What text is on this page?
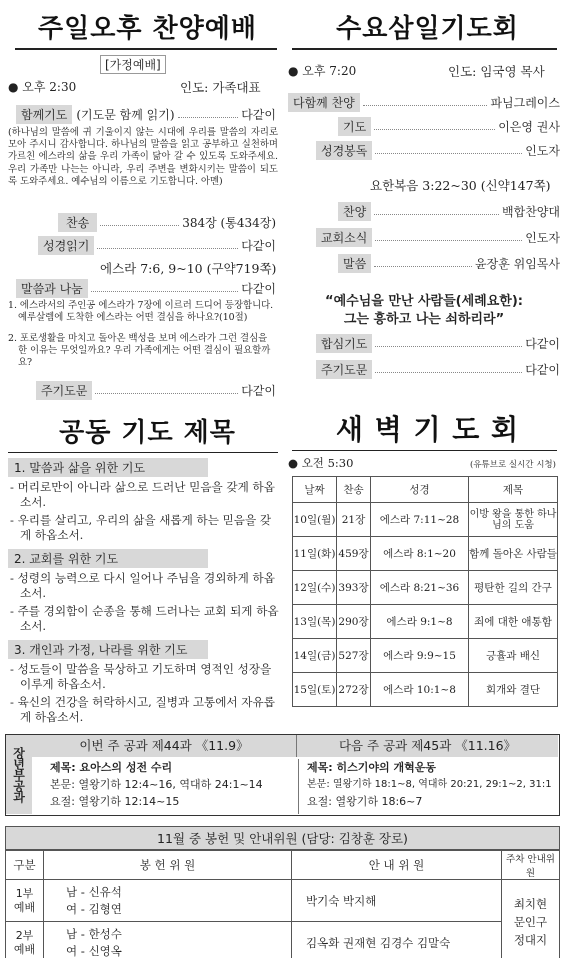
주일오후 찬양예배
[가정예배]
● 오후 2:30	인도: 가족대표
함께기도 (기도문 함께 읽기)	다같이
(하나님의 말씀에 귀 기울이지 않는 시대에 우리를 말씀의 자리로 모아 주시니 감사합니다. 하나님의 말씀을 읽고 공부하고 실천하며 가르친 에스라의 삶을 우리 가족이 닮아 갈 수 있도록 도와주세요. 우리 가족만 나는는 아니라, 우리 주변을 변화시키는 말씀이 되도록 도와주세요. 예수님의 이름으로 기도합니다. 아멘)
찬송	384장 (통434장)
성경읽기	다같이
에스라 7:6, 9~10 (구약719쪽)
말씀과 나눔	다같이
1. 에스라서의 주인공 에스라가 7장에 이르러 드디어 등장합니다. 예루살렘에 도착한 에스라는 어떤 결심을 하나요?(10절)
2. 포로생활을 마치고 돌아온 백성을 보며 에스라가 그런 결심을 한 이유는 무엇일까요? 우리 가족에게는 어떤 결심이 필요할까요?
주기도문	다같이
수요삼일기도회
● 오후 7:20	인도: 임국영 목사
다함께 찬양	파님그레이스
기도	이은영 권사
성경봉독	인도자
요한복음 3:22~30 (신약147쪽)
찬양	백합찬양대
교회소식	인도자
말씀	윤장훈 위임목사
“예수님을 만난 사람들(세례요한):
그는 흥하고 나는 쇠하리라”
합심기도	다같이
주기도문	다같이
공동 기도 제목
1. 말씀과 삶을 위한 기도
- 머리로만이 아니라 삶으로 드러난 믿음을 갖게 하옵소서.
- 우리를 살리고, 우리의 삶을 새롭게 하는 믿음을 갖게 하옵소서.
2. 교회를 위한 기도
- 성령의 능력으로 다시 일어나 주님을 경외하게 하옵소서.
- 주를 경외함이 순종을 통해 드러나는 교회 되게 하옵소서.
3. 개인과 가정, 나라를 위한 기도
- 성도들이 말씀을 묵상하고 기도하며 영적인 성장을 이루게 하옵소서.
- 육신의 건강을 허락하시고, 질병과 고통에서 자유롭게 하옵소서.
새 벽 기 도 회
● 오전 5:30	(유튜브로 실시간 시청)
날짜	찬송	성경	제목
10일(월)	21장	에스라 7:11~28	이방 왕을 통한 하나님의 도움
11일(화)	459장	에스라 8:1~20	함께 돌아온 사람들
12일(수)	393장	에스라 8:21~36	평탄한 길의 간구
13일(목)	290장	에스라 9:1~8	죄에 대한 애통함
14일(금)	527장	에스라 9:9~15	긍휼과 배신
15일(토)	272장	에스라 10:1~8	회개와 결단
장년부공과
이번 주 공과 제44과 《11.9》	다음 주 공과 제45과 《11.16》
제목: 요아스의 성전 수리
본문: 열왕기하 12:4~16, 역대하 24:1~14
요절: 열왕기하 12:14~15
제목: 히스기야의 개혁운동
본문: 열왕기하 18:1~8, 역대하 20:21, 29:1~2, 31:1
요절: 열왕기하 18:6~7
11월 중 봉헌 및 안내위원 (담당: 김창훈 장로)
구분	봉 헌 위 원	안 내 위 원	주차 안내위원
1부 예배	남 - 신유석
여 - 김형연	박기숙 박지해	최치현 문인구 정대지
2부 예배	남 - 한성수
여 - 신영옥	김옥화 권재현 김경수 김말숙	
